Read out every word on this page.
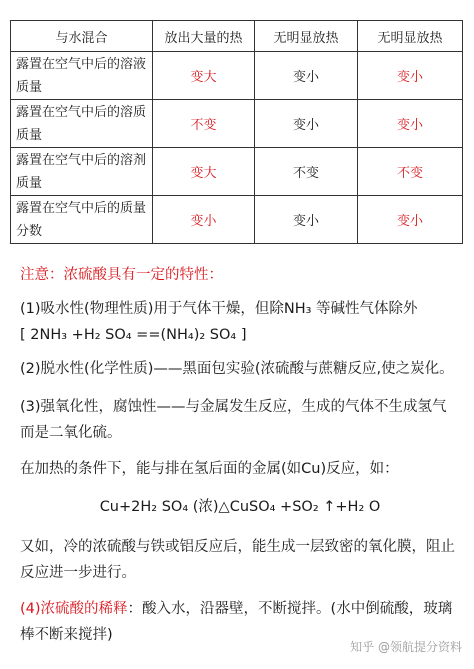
与水混合	放出大量的热	无明显放热	无明显放热
露置在空气中后的溶液质量	变大	变小	变小
露置在空气中后的溶质质量	不变	变小	变小
露置在空气中后的溶剂质量	变大	不变	不变
露置在空气中后的质量分数	变小	变小	变小

注意：浓硫酸具有一定的特性：

(1)吸水性(物理性质)用于气体干燥，但除NH₃ 等碱性气体除外
[ 2NH₃ +H₂ SO₄ ==(NH₄)₂ SO₄ ]

(2)脱水性(化学性质)——黑面包实验(浓硫酸与蔗糖反应,使之炭化。

(3)强氧化性，腐蚀性——与金属发生反应，生成的气体不生成氢气而是二氧化硫。

在加热的条件下，能与排在氢后面的金属(如Cu)反应，如：

Cu+2H₂ SO₄ (浓)△CuSO₄ +SO₂ ↑+H₂ O

又如，冷的浓硫酸与铁或铝反应后，能生成一层致密的氧化膜，阻止反应进一步进行。

(4)浓硫酸的稀释：酸入水，沿器壁，不断搅拌。(水中倒硫酸，玻璃棒不断来搅拌)

知乎 @领航提分资料
